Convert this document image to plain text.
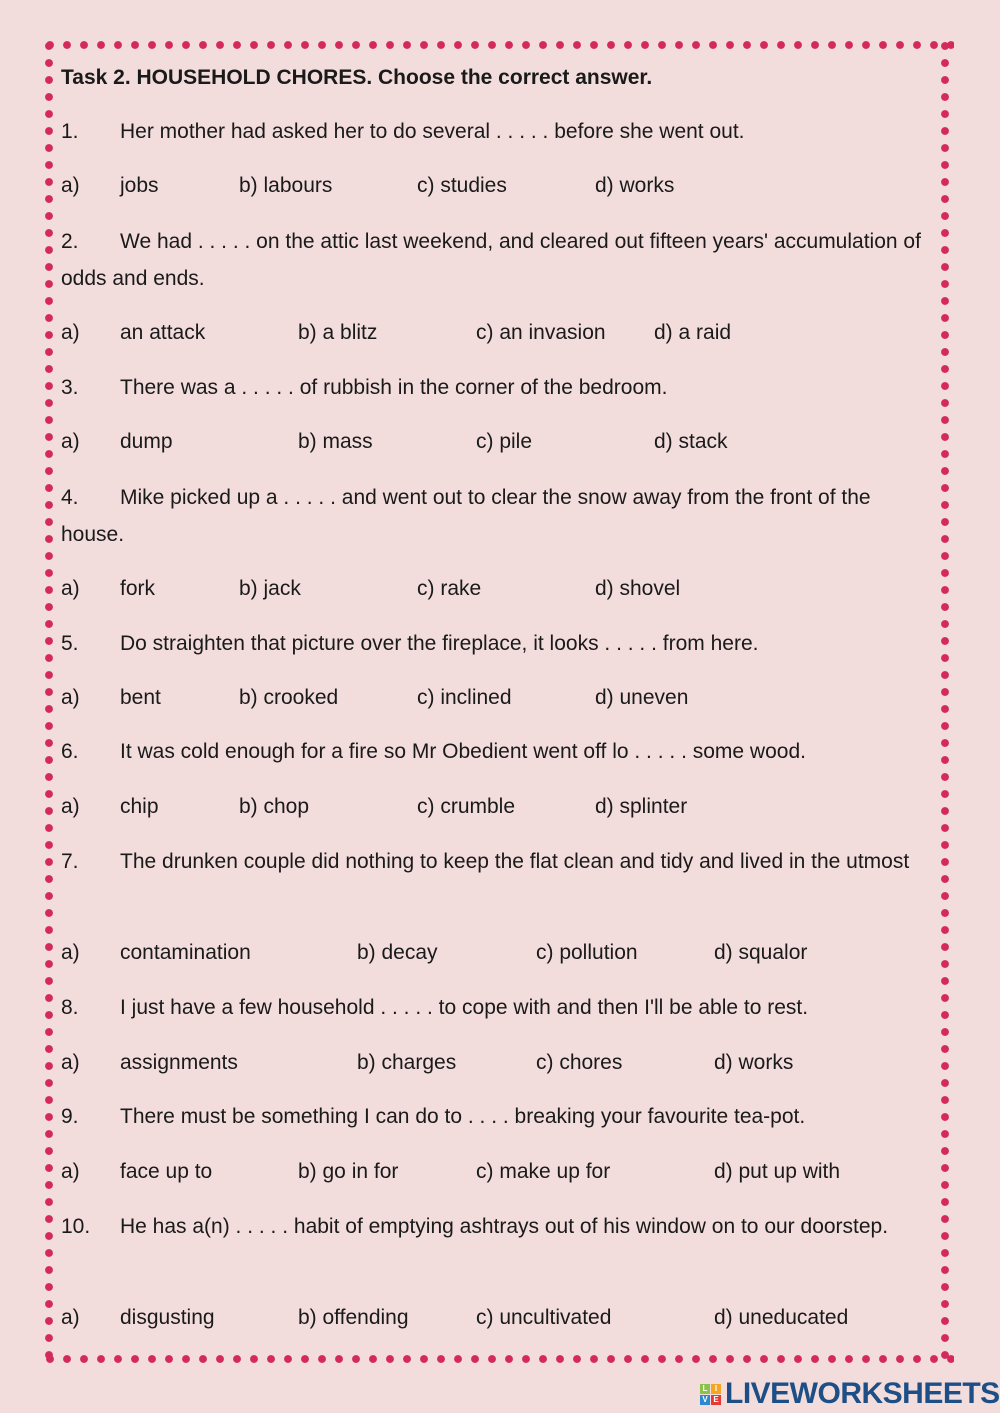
Task 2. HOUSEHOLD CHORES. Choose the correct answer.
1. Her mother had asked her to do several . . . . . before she went out.
a) jobs	b) labours	c) studies	d) works
2. We had . . . . . on the attic last weekend, and cleared out fifteen years' accumulation of odds and ends.
a) an attack	b) a blitz	c) an invasion d) a raid
3. There was a . . . . . of rubbish in the corner of the bedroom.
a) dump	b) mass	c) pile	d) stack
4. Mike picked up a . . . . . and went out to clear the snow away from the front of the house.
a) fork	b) jack	c) rake	d) shovel
5. Do straighten that picture over the fireplace, it looks . . . . . from here.
a) bent	b) crooked	c) inclined	d) uneven
6. It was cold enough for a fire so Mr Obedient went off lo . . . . . some wood.
a) chip	b) chop	c) crumble	d) splinter
7. The drunken couple did nothing to keep the flat clean and tidy and lived in the utmost
a) contamination	b) decay	c) pollution	d) squalor
8. I just have a few household . . . . . to cope with and then I'll be able to rest.
a) assignments	b) charges	c) chores	d) works
9. There must be something I can do to . . . . breaking your favourite tea-pot.
a) face up to	b) go in for	c) make up for	d) put up with
10. He has a(n) . . . . . habit of emptying ashtrays out of his window on to our doorstep.
a) disgusting	b) offending	c) uncultivated	d) uneducated
L I
V E LIVEWORKSHEETS
